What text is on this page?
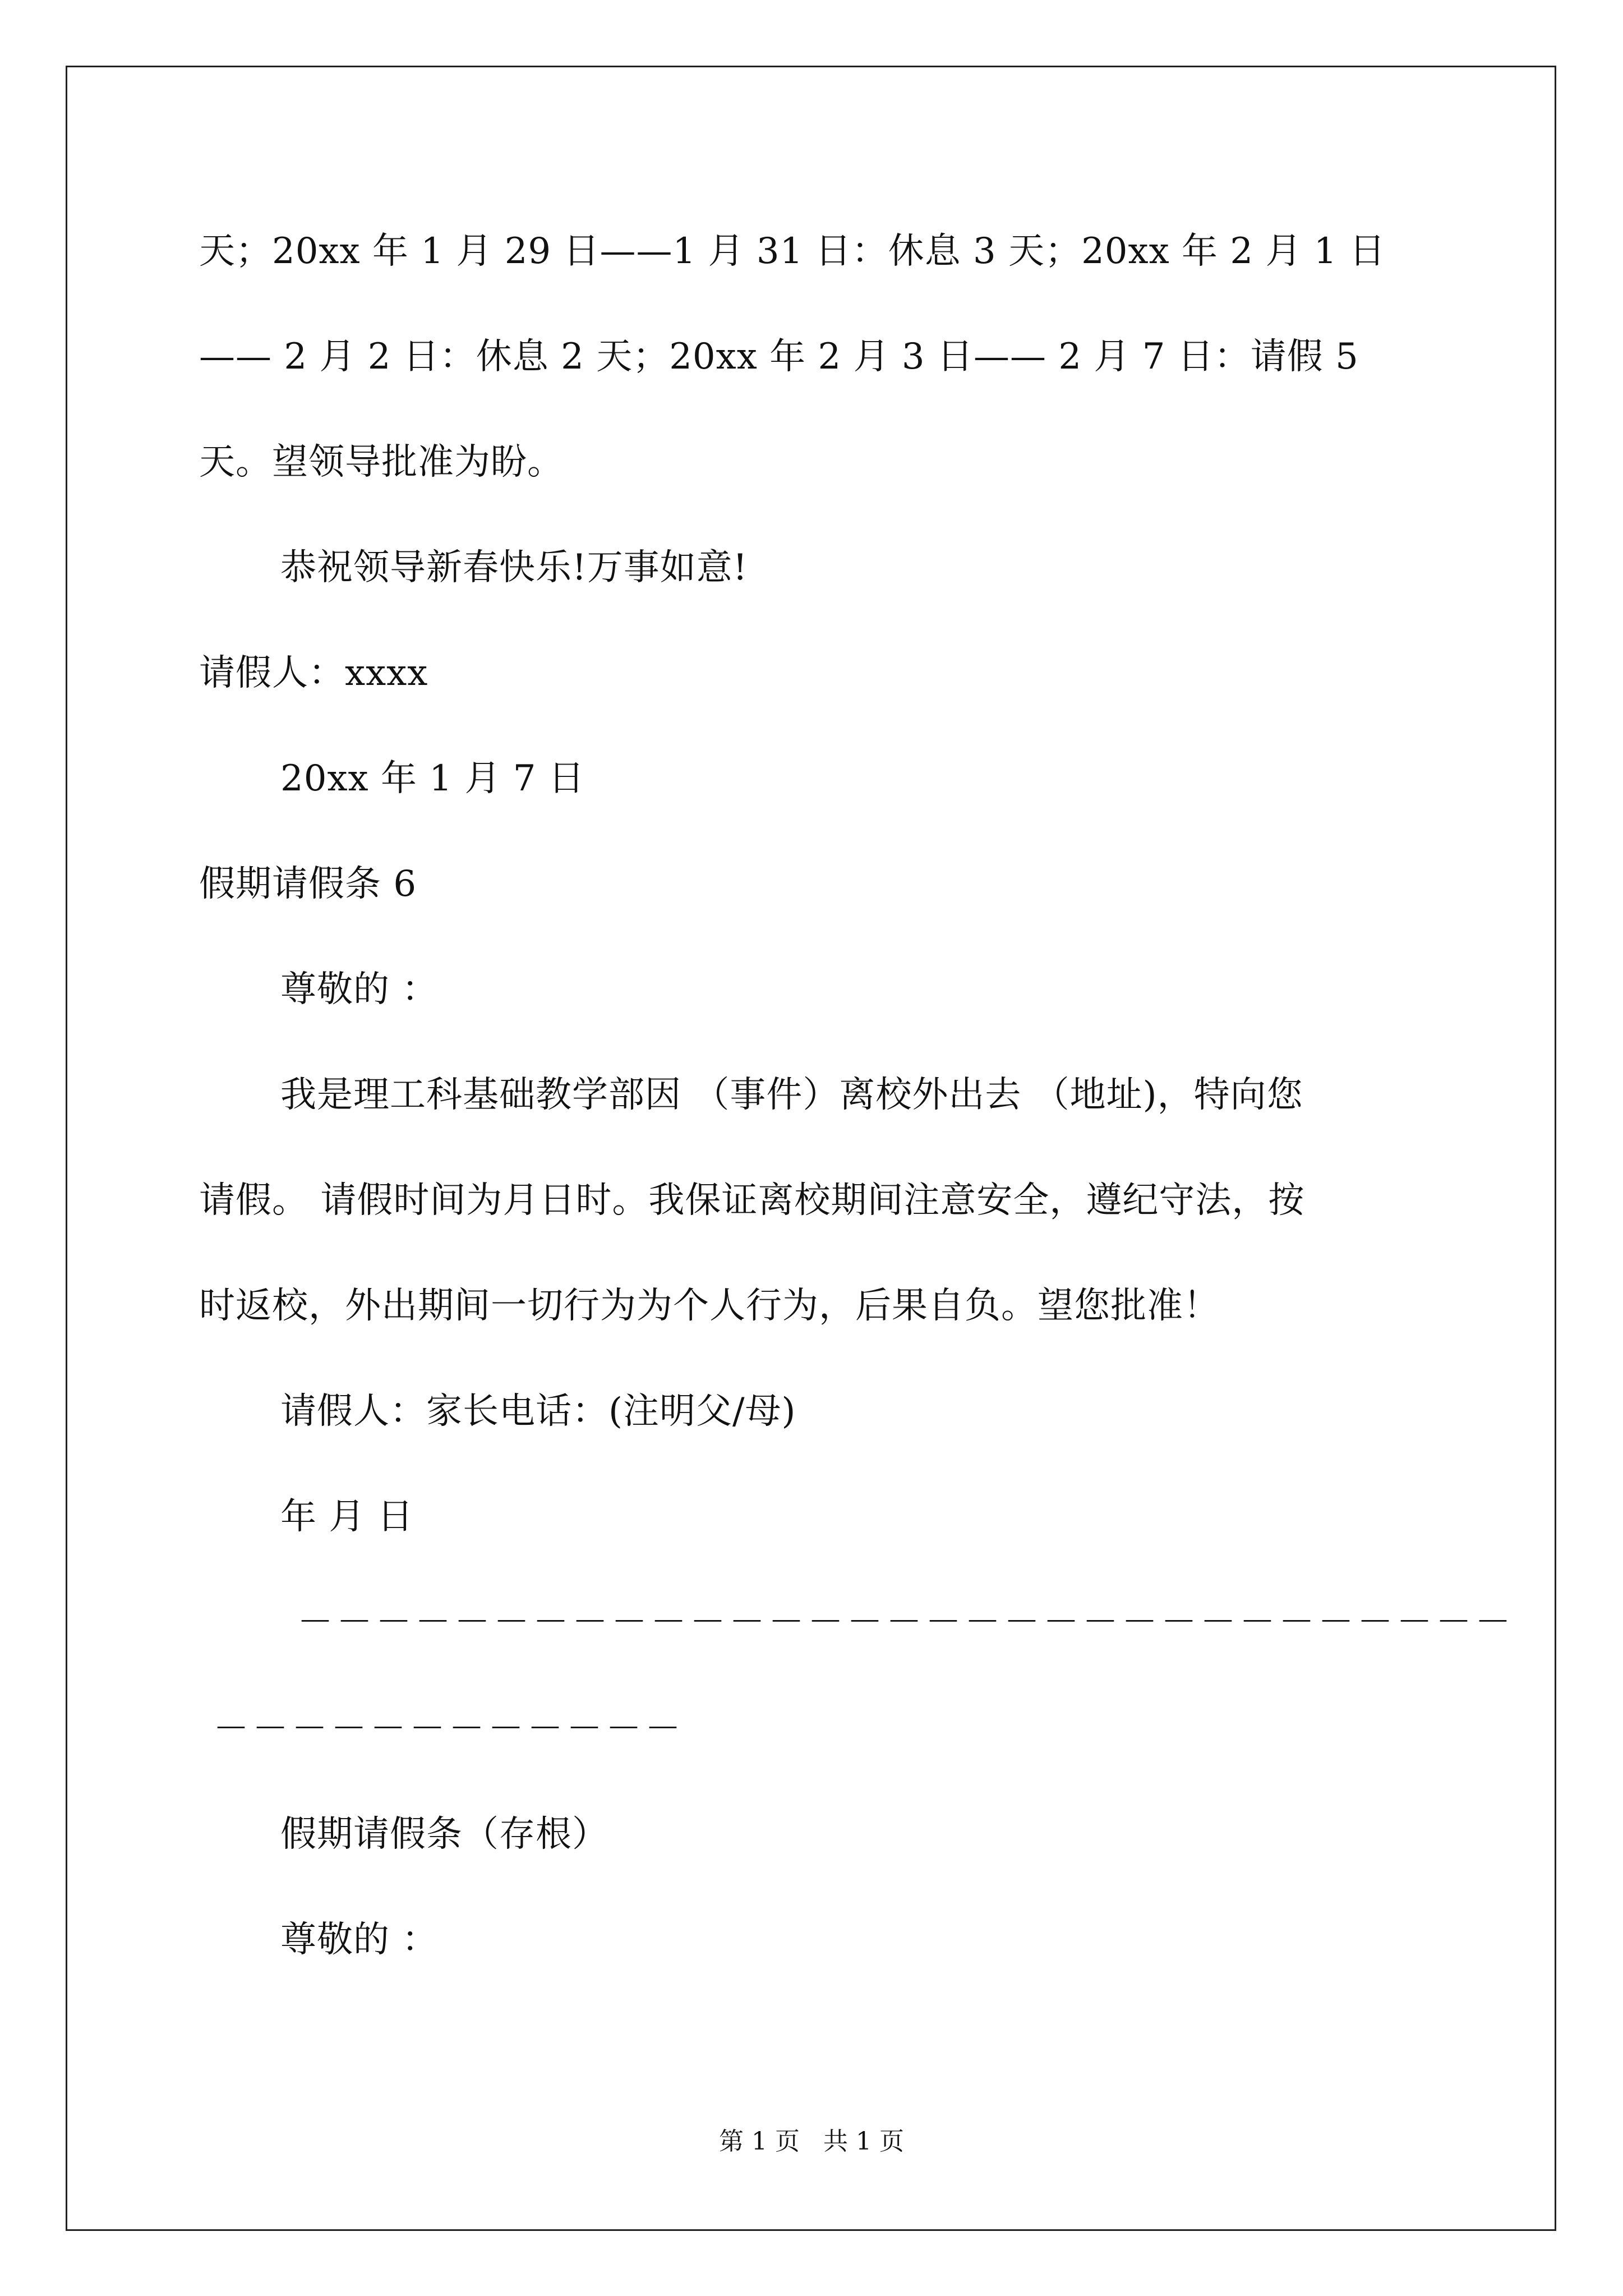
天；20xx 年 1 月 29 日——1 月 31 日：休息 3 天；20xx 年 2 月 1 日
—— 2 月 2 日：休息 2 天；20xx 年 2 月 3 日—— 2 月 7 日：请假 5
天。望领导批准为盼。
恭祝领导新春快乐!万事如意!
请假人：xxxx
20xx 年 1 月 7 日
假期请假条 6
尊敬的 ：
我是理工科基础教学部因 （事件）离校外出去 （地址)，特向您
请假。 请假时间为月日时。我保证离校期间注意安全，遵纪守法，按
时返校，外出期间一切行为为个人行为，后果自负。望您批准！
请假人：家长电话：(注明父/母)
年 月 日
－－－－－－－－－－－－－－－－－－－－－－－－－－－－－－－
－－－－－－－－－－－－
假期请假条（存根）
尊敬的 ：
第 1 页   共 1 页
